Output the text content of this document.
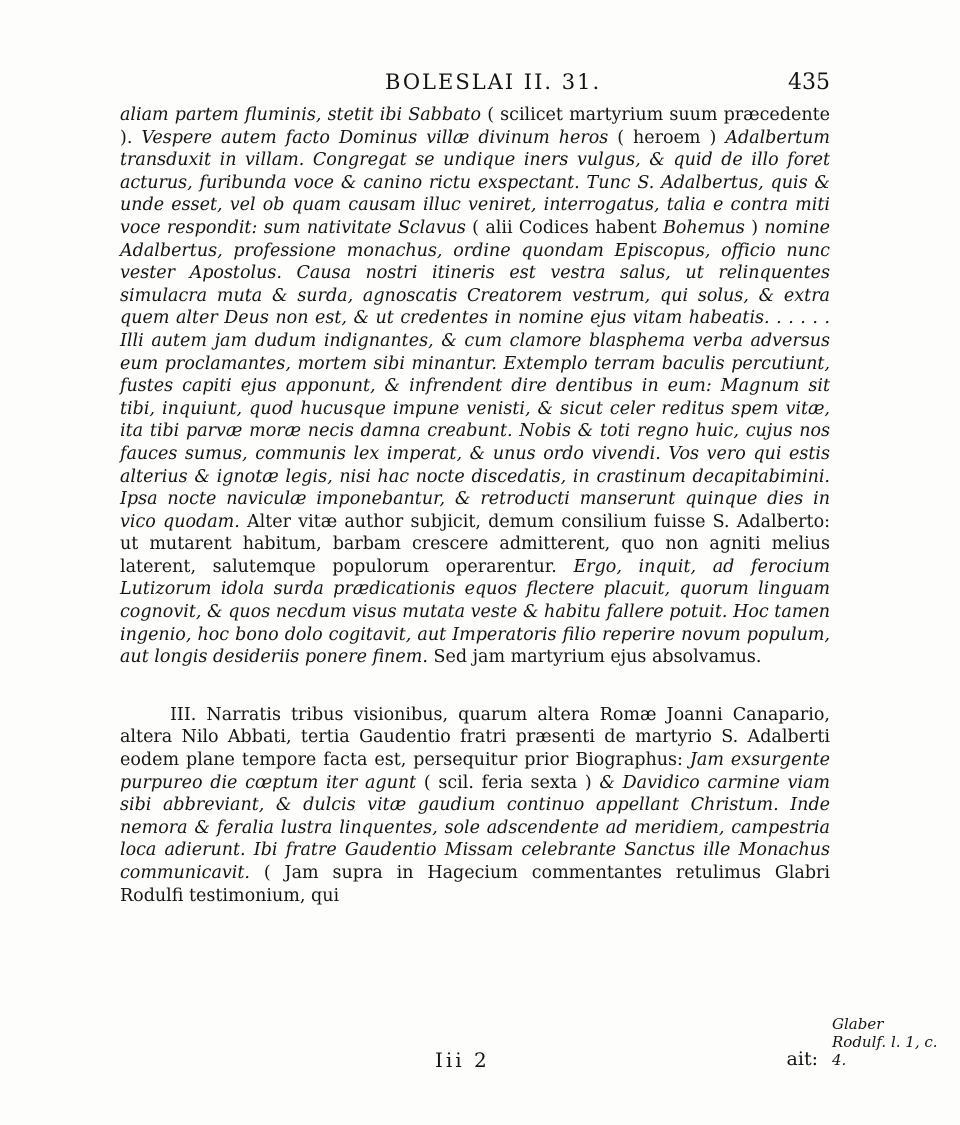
BOLESLAI II. 31.	435

aliam partem fluminis, stetit ibi Sabbato ( scilicet martyrium suum præcedente ). Vespere autem facto Dominus villæ divinum heros ( heroem ) Adalbertum transduxit in villam. Congregat se undique iners vulgus, & quid de illo foret acturus, furibunda voce & canino rictu exspectant. Tunc S. Adalbertus, quis & unde esset, vel ob quam causam illuc veniret, interrogatus, talia e contra miti voce respondit: sum nativitate Sclavus ( alii Codices habent Bohemus ) nomine Adalbertus, professione monachus, ordine quondam Episcopus, officio nunc vester Apostolus. Causa nostri itineris est vestra salus, ut relinquentes simulacra muta & surda, agnoscatis Creatorem vestrum, qui solus, & extra quem alter Deus non est, & ut credentes in nomine ejus vitam habeatis. . . . . . Illi autem jam dudum indignantes, & cum clamore blasphema verba adversus eum proclamantes, mortem sibi minantur. Extemplo terram baculis percutiunt, fustes capiti ejus apponunt, & infrendent dire dentibus in eum: Magnum sit tibi, inquiunt, quod hucusque impune venisti, & sicut celer reditus spem vitæ, ita tibi parvæ moræ necis damna creabunt. Nobis & toti regno huic, cujus nos fauces sumus, communis lex imperat, & unus ordo vivendi. Vos vero qui estis alterius & ignotæ legis, nisi hac nocte discedatis, in crastinum decapitabimini. Ipsa nocte naviculæ imponebantur, & retroducti manserunt quinque dies in vico quodam. Alter vitæ author subjicit, demum consilium fuisse S. Adalberto: ut mutarent habitum, barbam crescere admitterent, quo non agniti melius laterent, salutemque populorum operarentur. Ergo, inquit, ad ferocium Lutizorum idola surda prædicationis equos flectere placuit, quorum linguam cognovit, & quos necdum visus mutata veste & habitu fallere potuit. Hoc tamen ingenio, hoc bono dolo cogitavit, aut Imperatoris filio reperire novum populum, aut longis desideriis ponere finem. Sed jam martyrium ejus absolvamus.

III. Narratis tribus visionibus, quarum altera Romæ Joanni Canapario, altera Nilo Abbati, tertia Gaudentio fratri præsenti de martyrio S. Adalberti eodem plane tempore facta est, persequitur prior Biographus: Jam exsurgente purpureo die cœptum iter agunt ( scil. feria sexta ) & Davidico carmine viam sibi abbreviant, & dulcis vitæ gaudium continuo appellant Christum. Inde nemora & feralia lustra linquentes, sole adscendente ad meridiem, campestria loca adierunt. Ibi fratre Gaudentio Missam celebrante Sanctus ille Monachus communicavit. ( Jam supra in Hagecium commentantes retulimus Glabri Rodulfi testimonium, qui

Iii 2	ait:
Glaber Rodulf. l. 1, c. 4.
